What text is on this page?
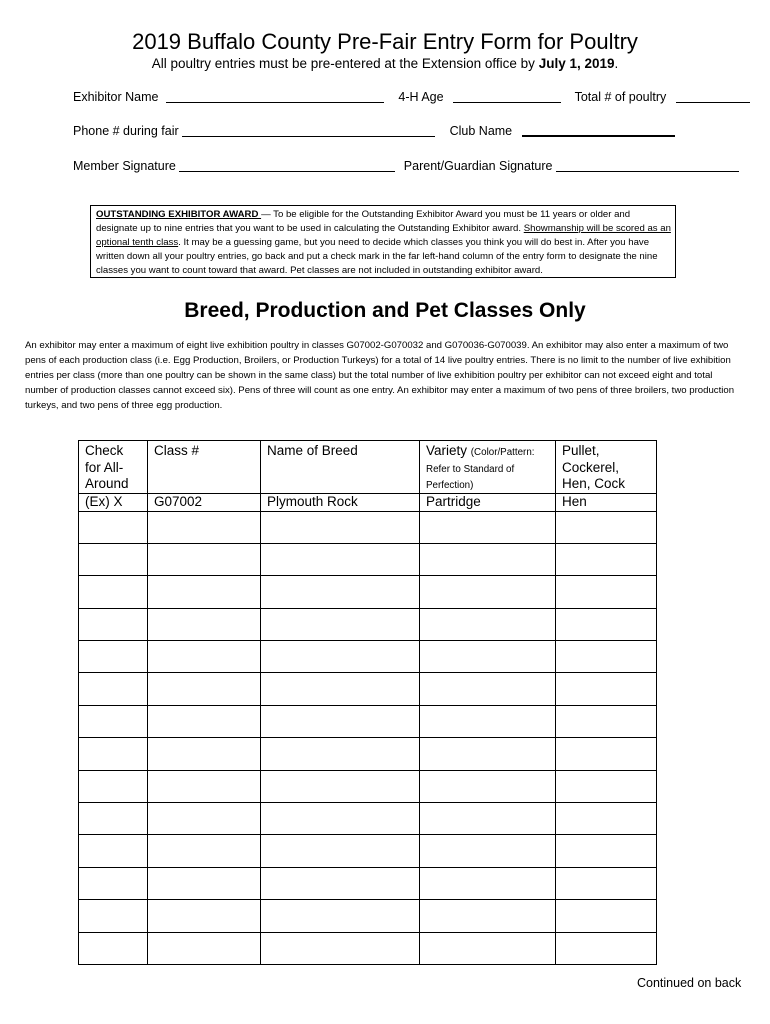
2019 Buffalo County Pre-Fair Entry Form for Poultry
All poultry entries must be pre-entered at the Extension office by July 1, 2019.
Exhibitor Name	4-H Age	Total # of poultry
Phone # during fair	Club Name
Member Signature	Parent/Guardian Signature
OUTSTANDING EXHIBITOR AWARD — To be eligible for the Outstanding Exhibitor Award you must be 11 years or older and designate up to nine entries that you want to be used in calculating the Outstanding Exhibitor award. Showmanship will be scored as an optional tenth class. It may be a guessing game, but you need to decide which classes you think you will do best in. After you have written down all your poultry entries, go back and put a check mark in the far left-hand column of the entry form to designate the nine classes you want to count toward that award. Pet classes are not included in outstanding exhibitor award.
Breed, Production and Pet Classes Only
An exhibitor may enter a maximum of eight live exhibition poultry in classes G07002-G070032 and G070036-G070039. An exhibitor may also enter a maximum of two pens of each production class (i.e. Egg Production, Broilers, or Production Turkeys) for a total of 14 live poultry entries. There is no limit to the number of live exhibition entries per class (more than one poultry can be shown in the same class) but the total number of live exhibition poultry per exhibitor can not exceed eight and total number of production classes cannot exceed six). Pens of three will count as one entry. An exhibitor may enter a maximum of two pens of three broilers, two production turkeys, and two pens of three egg production.
Check for All-Around	Class #	Name of Breed	Variety (Color/Pattern: Refer to Standard of Perfection)	Pullet, Cockerel, Hen, Cock

(Ex) X	G07002	Plymouth Rock	Partridge	Hen

Continued on back
